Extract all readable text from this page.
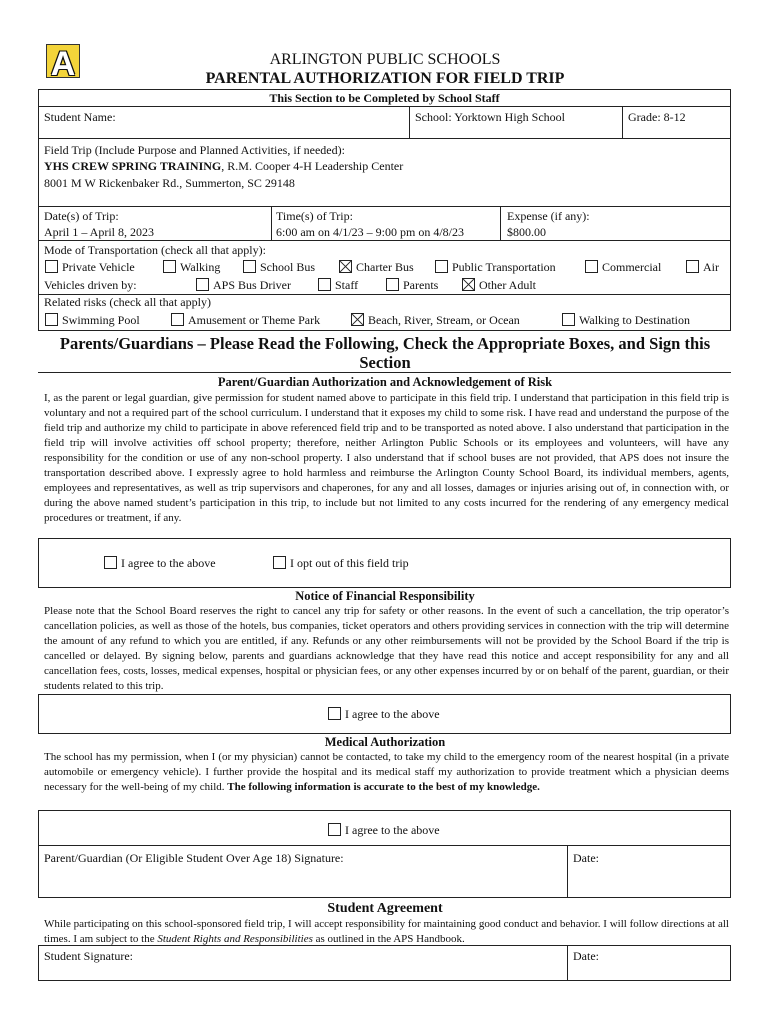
A	ARLINGTON PUBLIC SCHOOLS
PARENTAL AUTHORIZATION FOR FIELD TRIP
This Section to be Completed by School Staff
Student Name:	School: Yorktown High School	Grade: 8-12
Field Trip (Include Purpose and Planned Activities, if needed):
YHS CREW SPRING TRAINING, R.M. Cooper 4-H Leadership Center
8001 M W Rickenbaker Rd., Summerton, SC 29148
Date(s) of Trip:
April 1 – April 8, 2023
Time(s) of Trip:
6:00 am on 4/1/23 – 9:00 pm on 4/8/23
Expense (if any):
$800.00
Mode of Transportation (check all that apply):
Private Vehicle	Walking	School Bus	Charter Bus	Public Transportation	Commercial	Air
Vehicles driven by:	APS Bus Driver	Staff	Parents	Other Adult
Related risks (check all that apply)
Swimming Pool	Amusement or Theme Park	Beach, River, Stream, or Ocean	Walking to Destination
Parents/Guardians – Please Read the Following, Check the Appropriate Boxes, and Sign this Section
Parent/Guardian Authorization and Acknowledgement of Risk
I, as the parent or legal guardian, give permission for student named above to participate in this field trip. I understand that participation in this field trip is voluntary and not a required part of the school curriculum. I understand that it exposes my child to some risk. I have read and understand the purpose of the field trip and authorize my child to participate in above referenced field trip and to be transported as noted above. I also understand that participation in the field trip will involve activities off school property; therefore, neither Arlington Public Schools or its employees and volunteers, will have any responsibility for the condition or use of any non-school property. I also understand that if school buses are not provided, that APS does not insure the transportation described above. I expressly agree to hold harmless and reimburse the Arlington County School Board, its individual members, agents, employees and representatives, as well as trip supervisors and chaperones, for any and all losses, damages or injuries arising out of, in connection with, or during the above named student’s participation in this trip, to include but not limited to any costs incurred for the rendering of any emergency medical procedures or treatment, if any.
I agree to the above	I opt out of this field trip
Notice of Financial Responsibility
Please note that the School Board reserves the right to cancel any trip for safety or other reasons. In the event of such a cancellation, the trip operator’s cancellation policies, as well as those of the hotels, bus companies, ticket operators and others providing services in connection with the trip will determine the amount of any refund to which you are entitled, if any. Refunds or any other reimbursements will not be provided by the School Board if the trip is cancelled or delayed. By signing below, parents and guardians acknowledge that they have read this notice and accept responsibility for any and all cancellation fees, costs, losses, medical expenses, hospital or physician fees, or any other expenses incurred by or on behalf of the parent, guardian, or their students related to this trip.
I agree to the above
Medical Authorization
The school has my permission, when I (or my physician) cannot be contacted, to take my child to the emergency room of the nearest hospital (in a private automobile or emergency vehicle). I further provide the hospital and its medical staff my authorization to provide treatment which a physician deems necessary for the well-being of my child. The following information is accurate to the best of my knowledge.
I agree to the above
Parent/Guardian (Or Eligible Student Over Age 18) Signature:	Date:
Student Agreement
While participating on this school-sponsored field trip, I will accept responsibility for maintaining good conduct and behavior. I will follow directions at all times. I am subject to the Student Rights and Responsibilities as outlined in the APS Handbook.
Student Signature:	Date:
